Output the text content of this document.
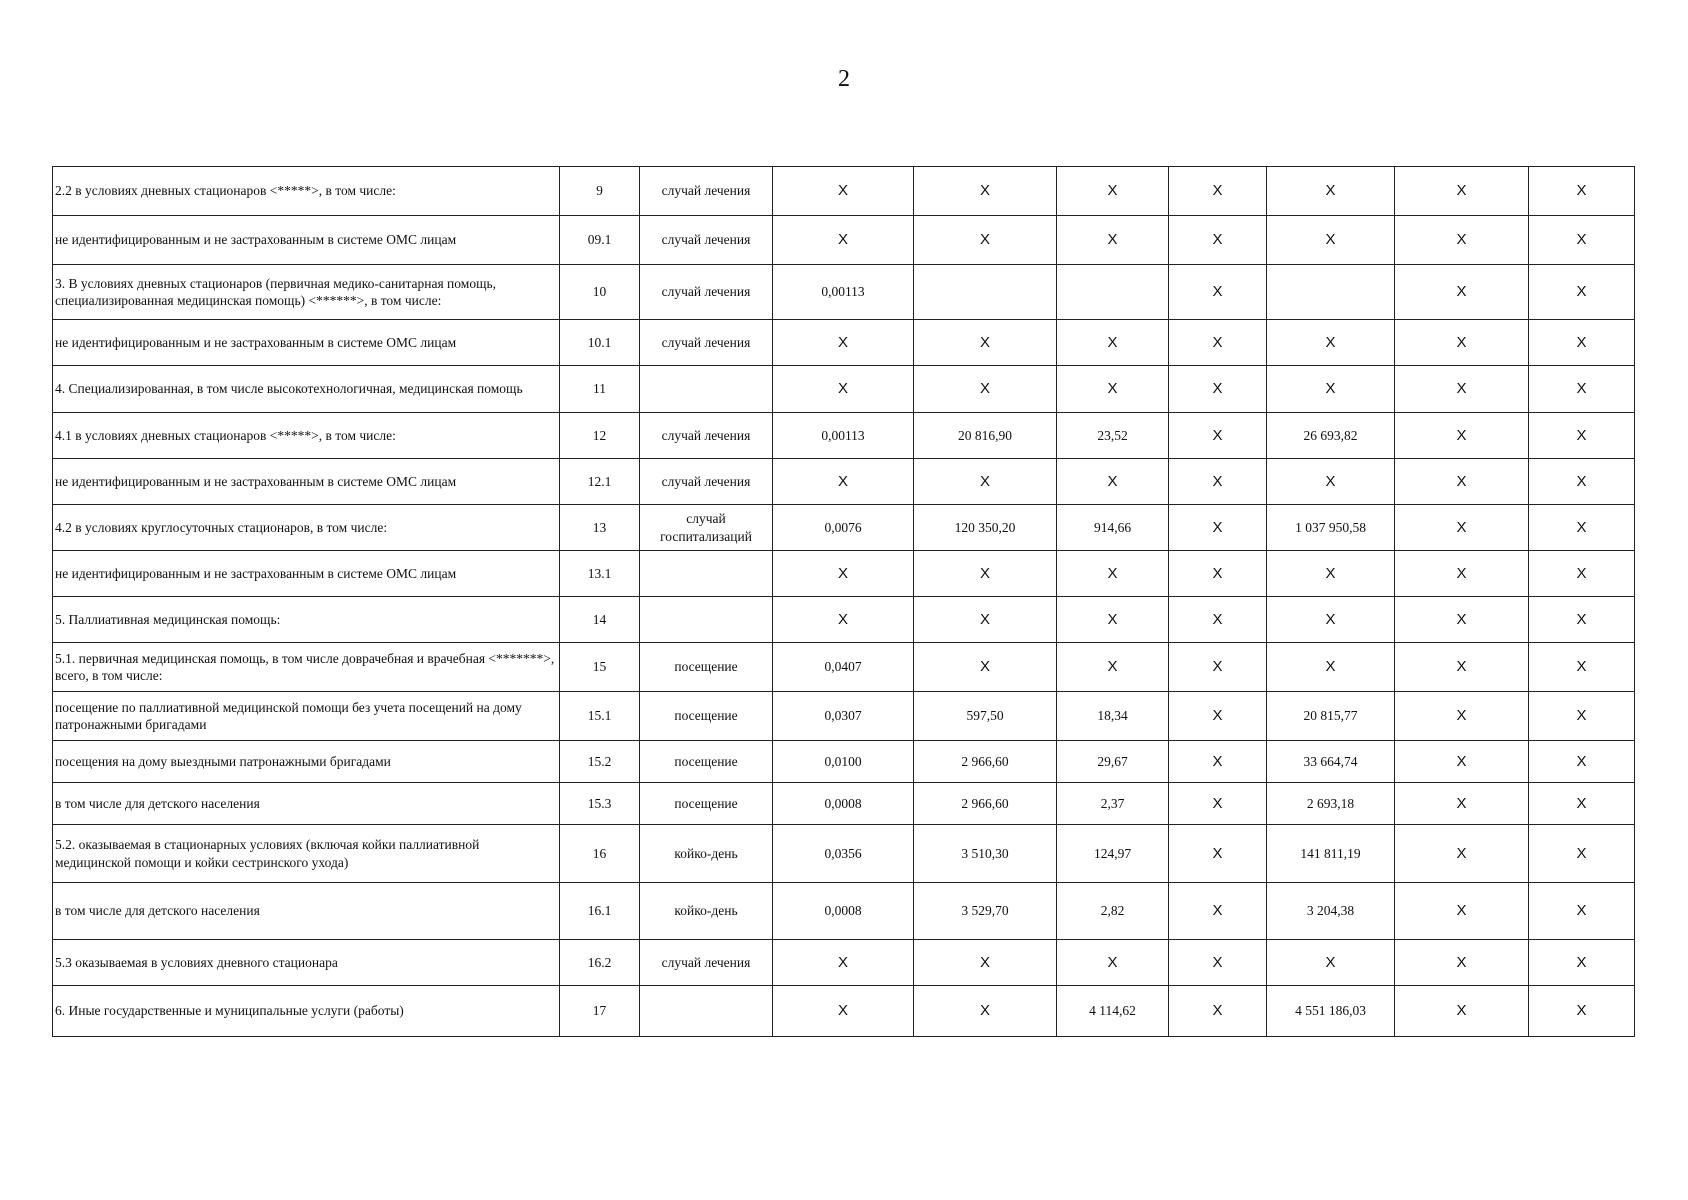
2
2.2 в условиях дневных стационаров <*****>, в том числе:	9	случай лечения	X	X	X	X	X	X	X
не идентифицированным и не застрахованным в системе ОМС лицам	09.1	случай лечения	X	X	X	X	X	X	X
3. В условиях дневных стационаров (первичная медико-санитарная помощь, специализированная медицинская помощь) <******>, в том числе:	10	случай лечения	0,00113			X		X	X
не идентифицированным и не застрахованным в системе ОМС лицам	10.1	случай лечения	X	X	X	X	X	X	X
4. Специализированная, в том числе высокотехнологичная, медицинская помощь	11		X	X	X	X	X	X	X
4.1 в условиях дневных стационаров <*****>, в том числе:	12	случай лечения	0,00113	20 816,90	23,52	X	26 693,82	X	X
не идентифицированным и не застрахованным в системе ОМС лицам	12.1	случай лечения	X	X	X	X	X	X	X
4.2 в условиях круглосуточных стационаров, в том числе:	13	случай госпитализаций	0,0076	120 350,20	914,66	X	1 037 950,58	X	X
не идентифицированным и не застрахованным в системе ОМС лицам	13.1		X	X	X	X	X	X	X
5. Паллиативная медицинская помощь:	14		X	X	X	X	X	X	X
5.1. первичная медицинская помощь, в том числе доврачебная и врачебная <*******>, всего, в том числе:	15	посещение	0,0407	X	X	X	X	X	X
посещение по паллиативной медицинской помощи без учета посещений на дому патронажными бригадами	15.1	посещение	0,0307	597,50	18,34	X	20 815,77	X	X
посещения на дому выездными патронажными бригадами	15.2	посещение	0,0100	2 966,60	29,67	X	33 664,74	X	X
в том числе для детского населения	15.3	посещение	0,0008	2 966,60	2,37	X	2 693,18	X	X
5.2. оказываемая в стационарных условиях (включая койки паллиативной медицинской помощи и койки сестринского ухода)	16	койко-день	0,0356	3 510,30	124,97	X	141 811,19	X	X
в том числе для детского населения	16.1	койко-день	0,0008	3 529,70	2,82	X	3 204,38	X	X
5.3 оказываемая в условиях дневного стационара	16.2	случай лечения	X	X	X	X	X	X	X
6. Иные государственные и муниципальные услуги (работы)	17		X	X	4 114,62	X	4 551 186,03	X	X
